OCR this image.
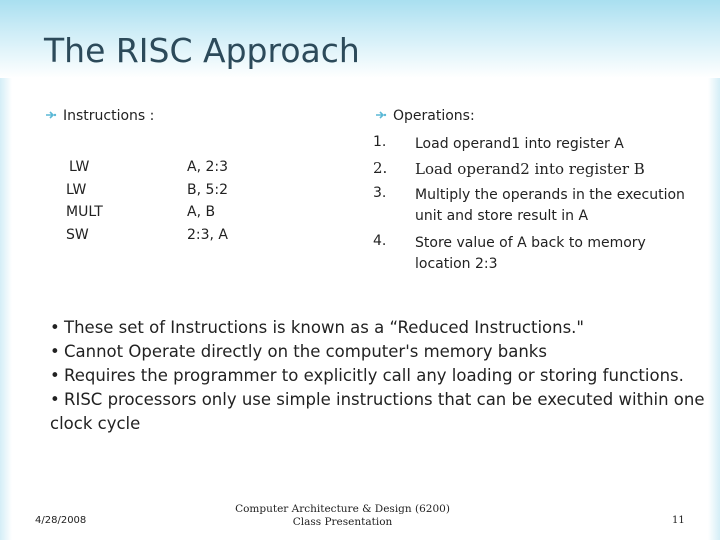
The RISC Approach
Instructions :	Operations:
LW
LW
MULT
SW
A, 2:3
B, 5:2
A, B
2:3, A
1. Load operand1 into register A
2. Load operand2 into register B
3. Multiply the operands in the execution unit and store result in A
4. Store value of A back to memory location 2:3
• These set of Instructions is known as a “Reduced Instructions."
• Cannot Operate directly on the computer's memory banks
• Requires the programmer to explicitly call any loading or storing functions.
• RISC processors only use simple instructions that can be executed within one
clock cycle
4/28/2008
Computer Architecture & Design (6200)
Class Presentation	11
